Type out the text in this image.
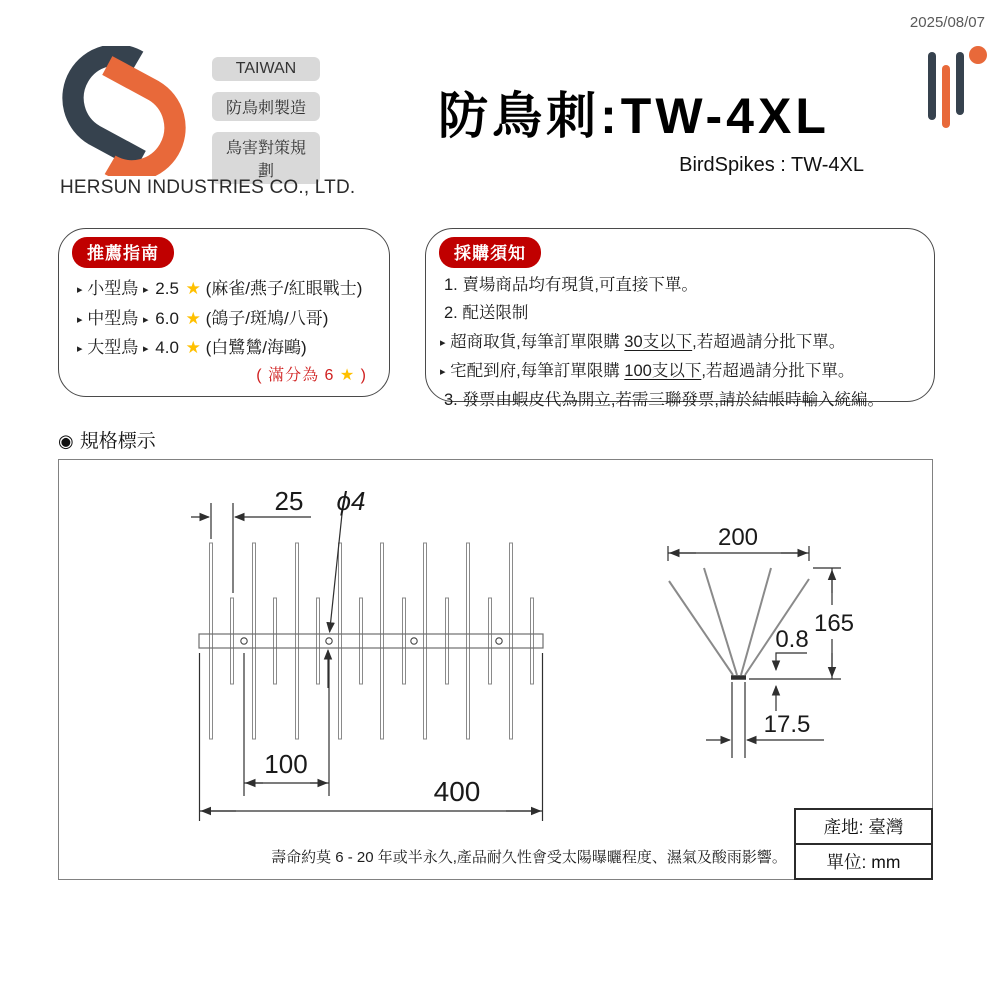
2025/08/07
TAIWAN
防鳥刺製造
鳥害對策規劃
HERSUN INDUSTRIES CO., LTD.
防鳥刺:TW-4XL
BirdSpikes : TW-4XL
推薦指南
▸ 小型鳥 ▸ 2.5 ★ (麻雀/燕子/紅眼戰士)
▸ 中型鳥 ▸ 6.0 ★ (鴿子/斑鳩/八哥)
▸ 大型鳥 ▸ 4.0 ★ (白鷺鷥/海鷗)
( 滿分為 6 ★ )
採購須知
1. 賣場商品均有現貨,可直接下單。
2. 配送限制
▸ 超商取貨,每筆訂單限購 30支以下,若超過請分批下單。
▸ 宅配到府,每筆訂單限購 100支以下,若超過請分批下單。
3. 發票由蝦皮代為開立,若需三聯發票,請於結帳時輸入統編。
◉ 規格標示
25 ϕ4
100
400
200
165
0.8
17.5
壽命約莫 6 - 20 年或半永久,產品耐久性會受太陽曝曬程度、濕氣及酸雨影響。
產地: 臺灣
單位: mm
